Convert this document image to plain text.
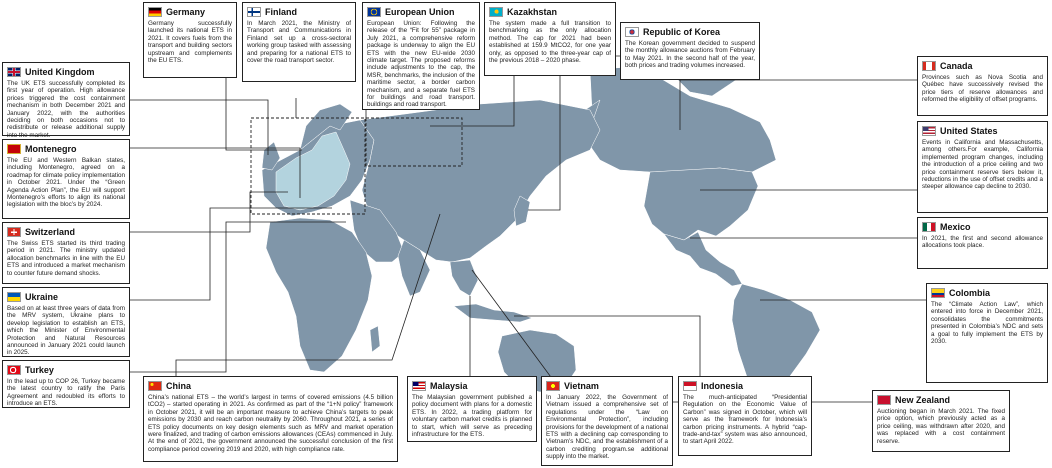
United Kingdom
The UK ETS successfully completed its first year of operation. High allowance prices triggered the cost containment mechanism in both December 2021 and January 2022, with the authorities deciding on both occasions not to redistribute or release additional supply into the market.
Montenegro
The EU and Western Balkan states, including Montenegro, agreed on a roadmap for climate policy implementation in October 2021. Under the “Green Agenda Action Plan”, the EU will support Montenegro’s efforts to align its national legislation with the bloc’s by 2024.
Switzerland
The Swiss ETS started its third trading period in 2021. The ministry updated allocation benchmarks in line with the EU ETS and introduced a market mechanism to counter future demand shocks.
Ukraine
Based on at least three years of data from the MRV system, Ukraine plans to develop legislation to establish an ETS, which the Minister of Environmental Protection and Natural Resources announced in January 2021 could launch in 2025.
Turkey
In the lead up to COP 26, Turkey became the latest country to ratify the Paris Agreement and redoubled its efforts to introduce an ETS.
China
China’s national ETS – the world’s largest in terms of covered emissions (4.5 billion tCO2) – started operating in 2021. As confirmed as part of the “1+N policy” framework in October 2021, it will be an important measure to achieve China’s targets to peak emissions by 2030 and reach carbon neutrality by 2060. Throughout 2021, a series of ETS policy documents on key design elements such as MRV and market operation were finalized, and trading of carbon emissions allowances (CEAs) commenced in July. At the end of 2021, the government announced the successful conclusion of the first compliance period covering 2019 and 2020, with high compliance rate.
Malaysia
The Malaysian government published a policy document with plans for a domestic ETS. In 2022, a trading platform for voluntary carbon market credits is planned to start, which will serve as preceding infrastructure for the ETS.
Vietnam
In January 2022, the Government of Vietnam issued a comprehensive set of regulations under the “Law on Environmental Protection”, including provisions for the development of a national ETS with a declining cap corresponding to Vietnam’s NDC, and the establishment of a carbon crediting program.se additional supply into the market.
Indonesia
The much-anticipated “Presidential Regulation on the Economic Value of Carbon” was signed in October, which will serve as the framework for Indonesia’s carbon pricing instruments. A hybrid “cap-trade-and-tax” system was also announced, to start April 2022.
New Zealand
Auctioning began in March 2021. The fixed price option, which previously acted as a price ceiling, was withdrawn after 2020, and was replaced with a cost containment reserve.
Colombia
The “Climate Action Law”, which entered into force in December 2021, consolidates the commitments presented in Colombia’s NDC and sets a goal to fully implement the ETS by 2030.
Mexico
In 2021, the first and second allowance allocations took place.
United States
Events in California and Massachusetts, among others.For example, California implemented program changes, including the introduction of a price ceiling and two price containment reserve tiers below it, reductions in the use of offset credits and a steeper allowance cap decline to 2030.
Canada
Provinces such as Nova Scotia and Québec have successively revised the price tiers of reserve allowances and reformed the eligibility of offset programs.
Republic of Korea
The Korean government decided to suspend the monthly allowance auctions from February to May 2021. In the second half of the year, both prices and trading volumes increased.
Kazakhstan
The system made a full transition to benchmarking as the only allocation method. The cap for 2021 had been established at 159.9 MtCO2, for one year only, as opposed to the three-year cap of the previous 2018 – 2020 phase.
European Union
European Union: Following the release of the “Fit for 55” package in July 2021, a comprehensive reform package is underway to align the EU ETS with the new EU-wide 2030 climate target. The proposed reforms include adjustments to the cap, the MSR, benchmarks, the inclusion of the maritime sector, a border carbon mechanism, and a separate fuel ETS for buildings and road transport. buildings and road transport.
Finland
In March 2021, the Ministry of Transport and Communications in Finland set up a cross-sectoral working group tasked with assessing and preparing for a national ETS to cover the road transport sector.
Germany
Germany successfully launched its national ETS in 2021. It covers fuels from the transport and building sectors upstream and complements the EU ETS.
